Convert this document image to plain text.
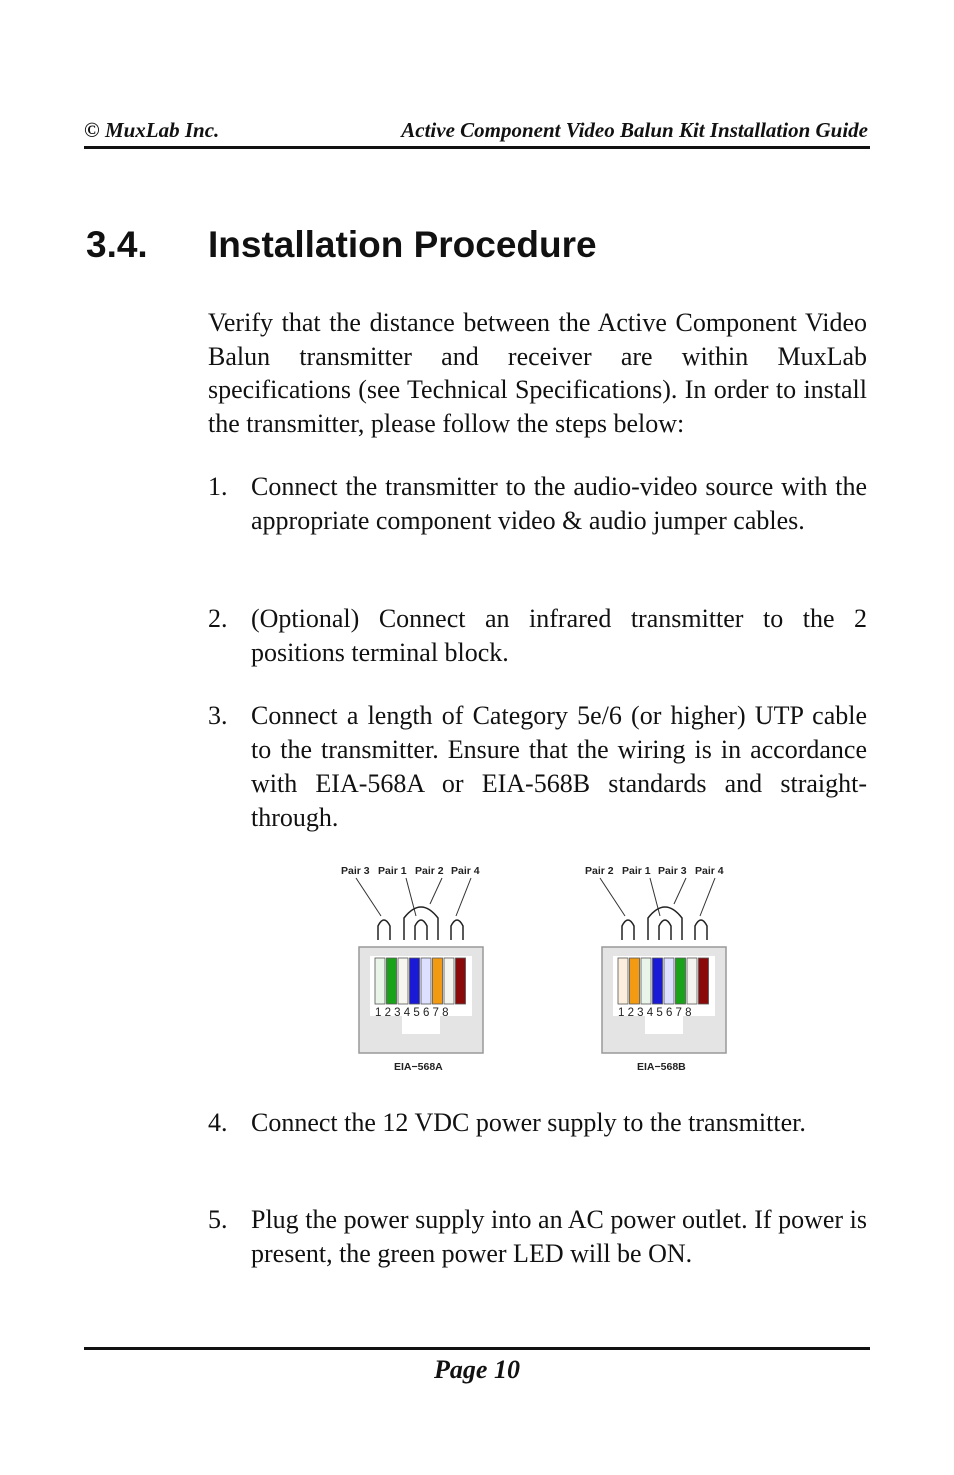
© MuxLab Inc.	Active Component Video Balun Kit Installation Guide
3.4. Installation Procedure

Verify that the distance between the Active Component Video Balun transmitter and receiver are within MuxLab specifications (see Technical Specifications). In order to install the transmitter, please follow the steps below:

1. Connect the transmitter to the audio-video source with the appropriate component video & audio jumper cables.
2. (Optional) Connect an infrared transmitter to the 2 positions terminal block.
3. Connect a length of Category 5e/6 (or higher) UTP cable to the transmitter. Ensure that the wiring is in accordance with EIA-568A or EIA-568B standards and straight-through.
Pair 3 Pair 1 Pair 2 Pair 4
1 2 3 4 5 6 7 8
EIA−568A
Pair 2 Pair 1 Pair 3 Pair 4
1 2 3 4 5 6 7 8
EIA−568B
4. Connect the 12 VDC power supply to the transmitter.
5. Plug the power supply into an AC power outlet. If power is present, the green power LED will be ON.
Page 10
